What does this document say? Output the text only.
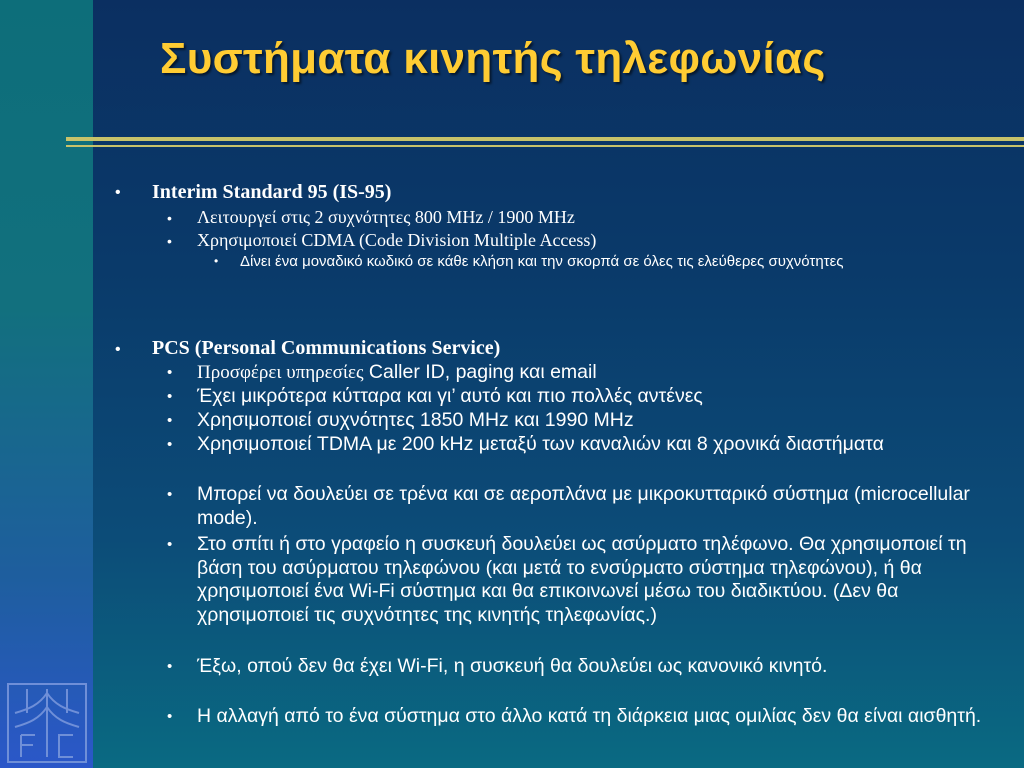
Συστήματα κινητής τηλεφωνίας
• Interim Standard 95 (IS-95)
• Λειτουργεί στις 2 συχνότητες 800 MHz / 1900 MHz
• Χρησιμοποιεί CDMA (Code Division Multiple Access)
• Δίνει ένα μοναδικό κωδικό σε κάθε κλήση και την σκορπά σε όλες τις ελεύθερες συχνότητες
• PCS (Personal Communications Service)
• Προσφέρει υπηρεσίες Caller ID, paging και email
• Έχει μικρότερα κύτταρα και γι’ αυτό και πιο πολλές αντένες
• Χρησιμοποιεί συχνότητες 1850 MHz και 1990 MHz
• Χρησιμοποιεί TDMA με 200 kHz μεταξύ των καναλιών και 8 χρονικά διαστήματα
• Μπορεί να δουλεύει σε τρένα και σε αεροπλάνα με μικροκυτταρικό σύστημα (microcellular mode).
• Στο σπίτι ή στο γραφείο η συσκευή δουλεύει ως ασύρματο τηλέφωνο. Θα χρησιμοποιεί τη βάση του ασύρματου τηλεφώνου (και μετά το ενσύρματο σύστημα τηλεφώνου), ή θα χρησιμοποιεί ένα Wi-Fi σύστημα και θα επικοινωνεί μέσω του διαδικτύου. (Δεν θα χρησιμοποιεί τις συχνότητες της κινητής τηλεφωνίας.)
• Έξω, οπού δεν θα έχει Wi-Fi, η συσκευή θα δουλεύει ως κανονικό κινητό.
• Η αλλαγή από το ένα σύστημα στο άλλο κατά τη διάρκεια μιας ομιλίας δεν θα είναι αισθητή.
